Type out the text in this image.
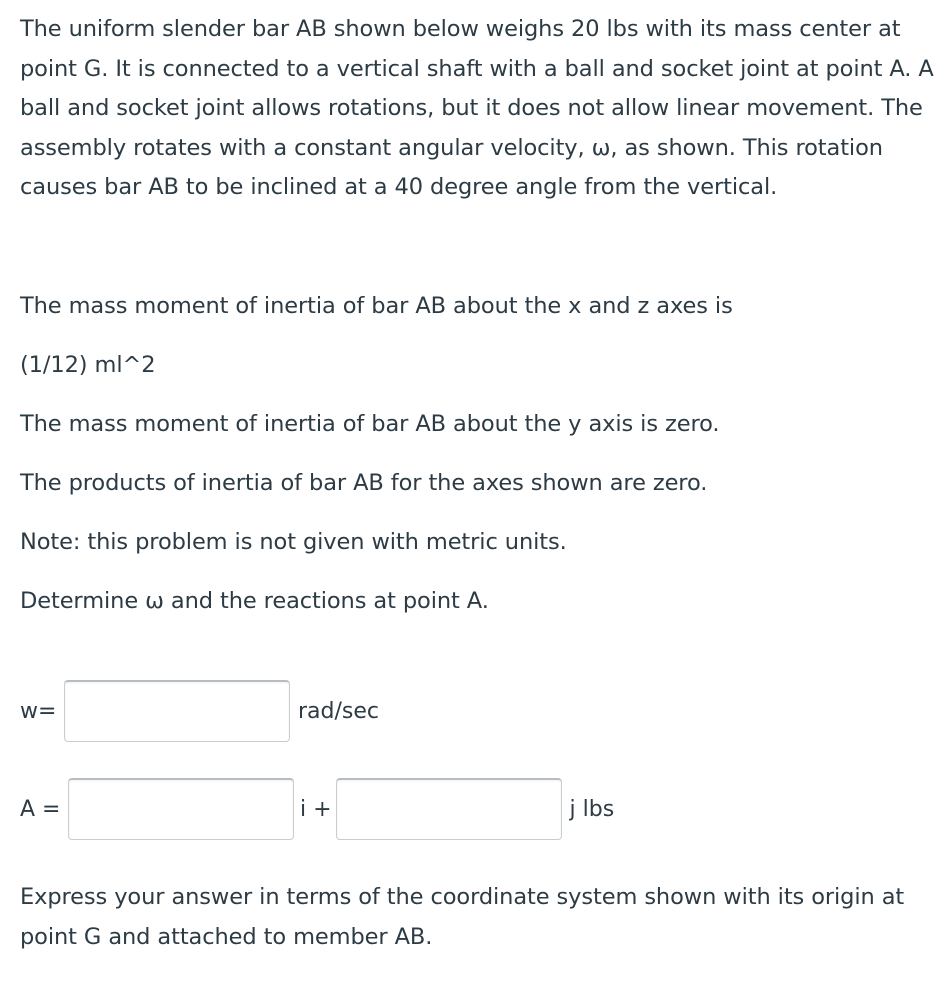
The uniform slender bar AB shown below weighs 20 lbs with its mass center at point G. It is connected to a vertical shaft with a ball and socket joint at point A. A ball and socket joint allows rotations, but it does not allow linear movement. The assembly rotates with a constant angular velocity, ω, as shown. This rotation causes bar AB to be inclined at a 40 degree angle from the vertical.

The mass moment of inertia of bar AB about the x and z axes is

(1/12) ml^2

The mass moment of inertia of bar AB about the y axis is zero.

The products of inertia of bar AB for the axes shown are zero.

Note: this problem is not given with metric units.

Determine ω and the reactions at point A.

w=	rad/sec
A =	i +	j lbs

Express your answer in terms of the coordinate system shown with its origin at point G and attached to member AB.
